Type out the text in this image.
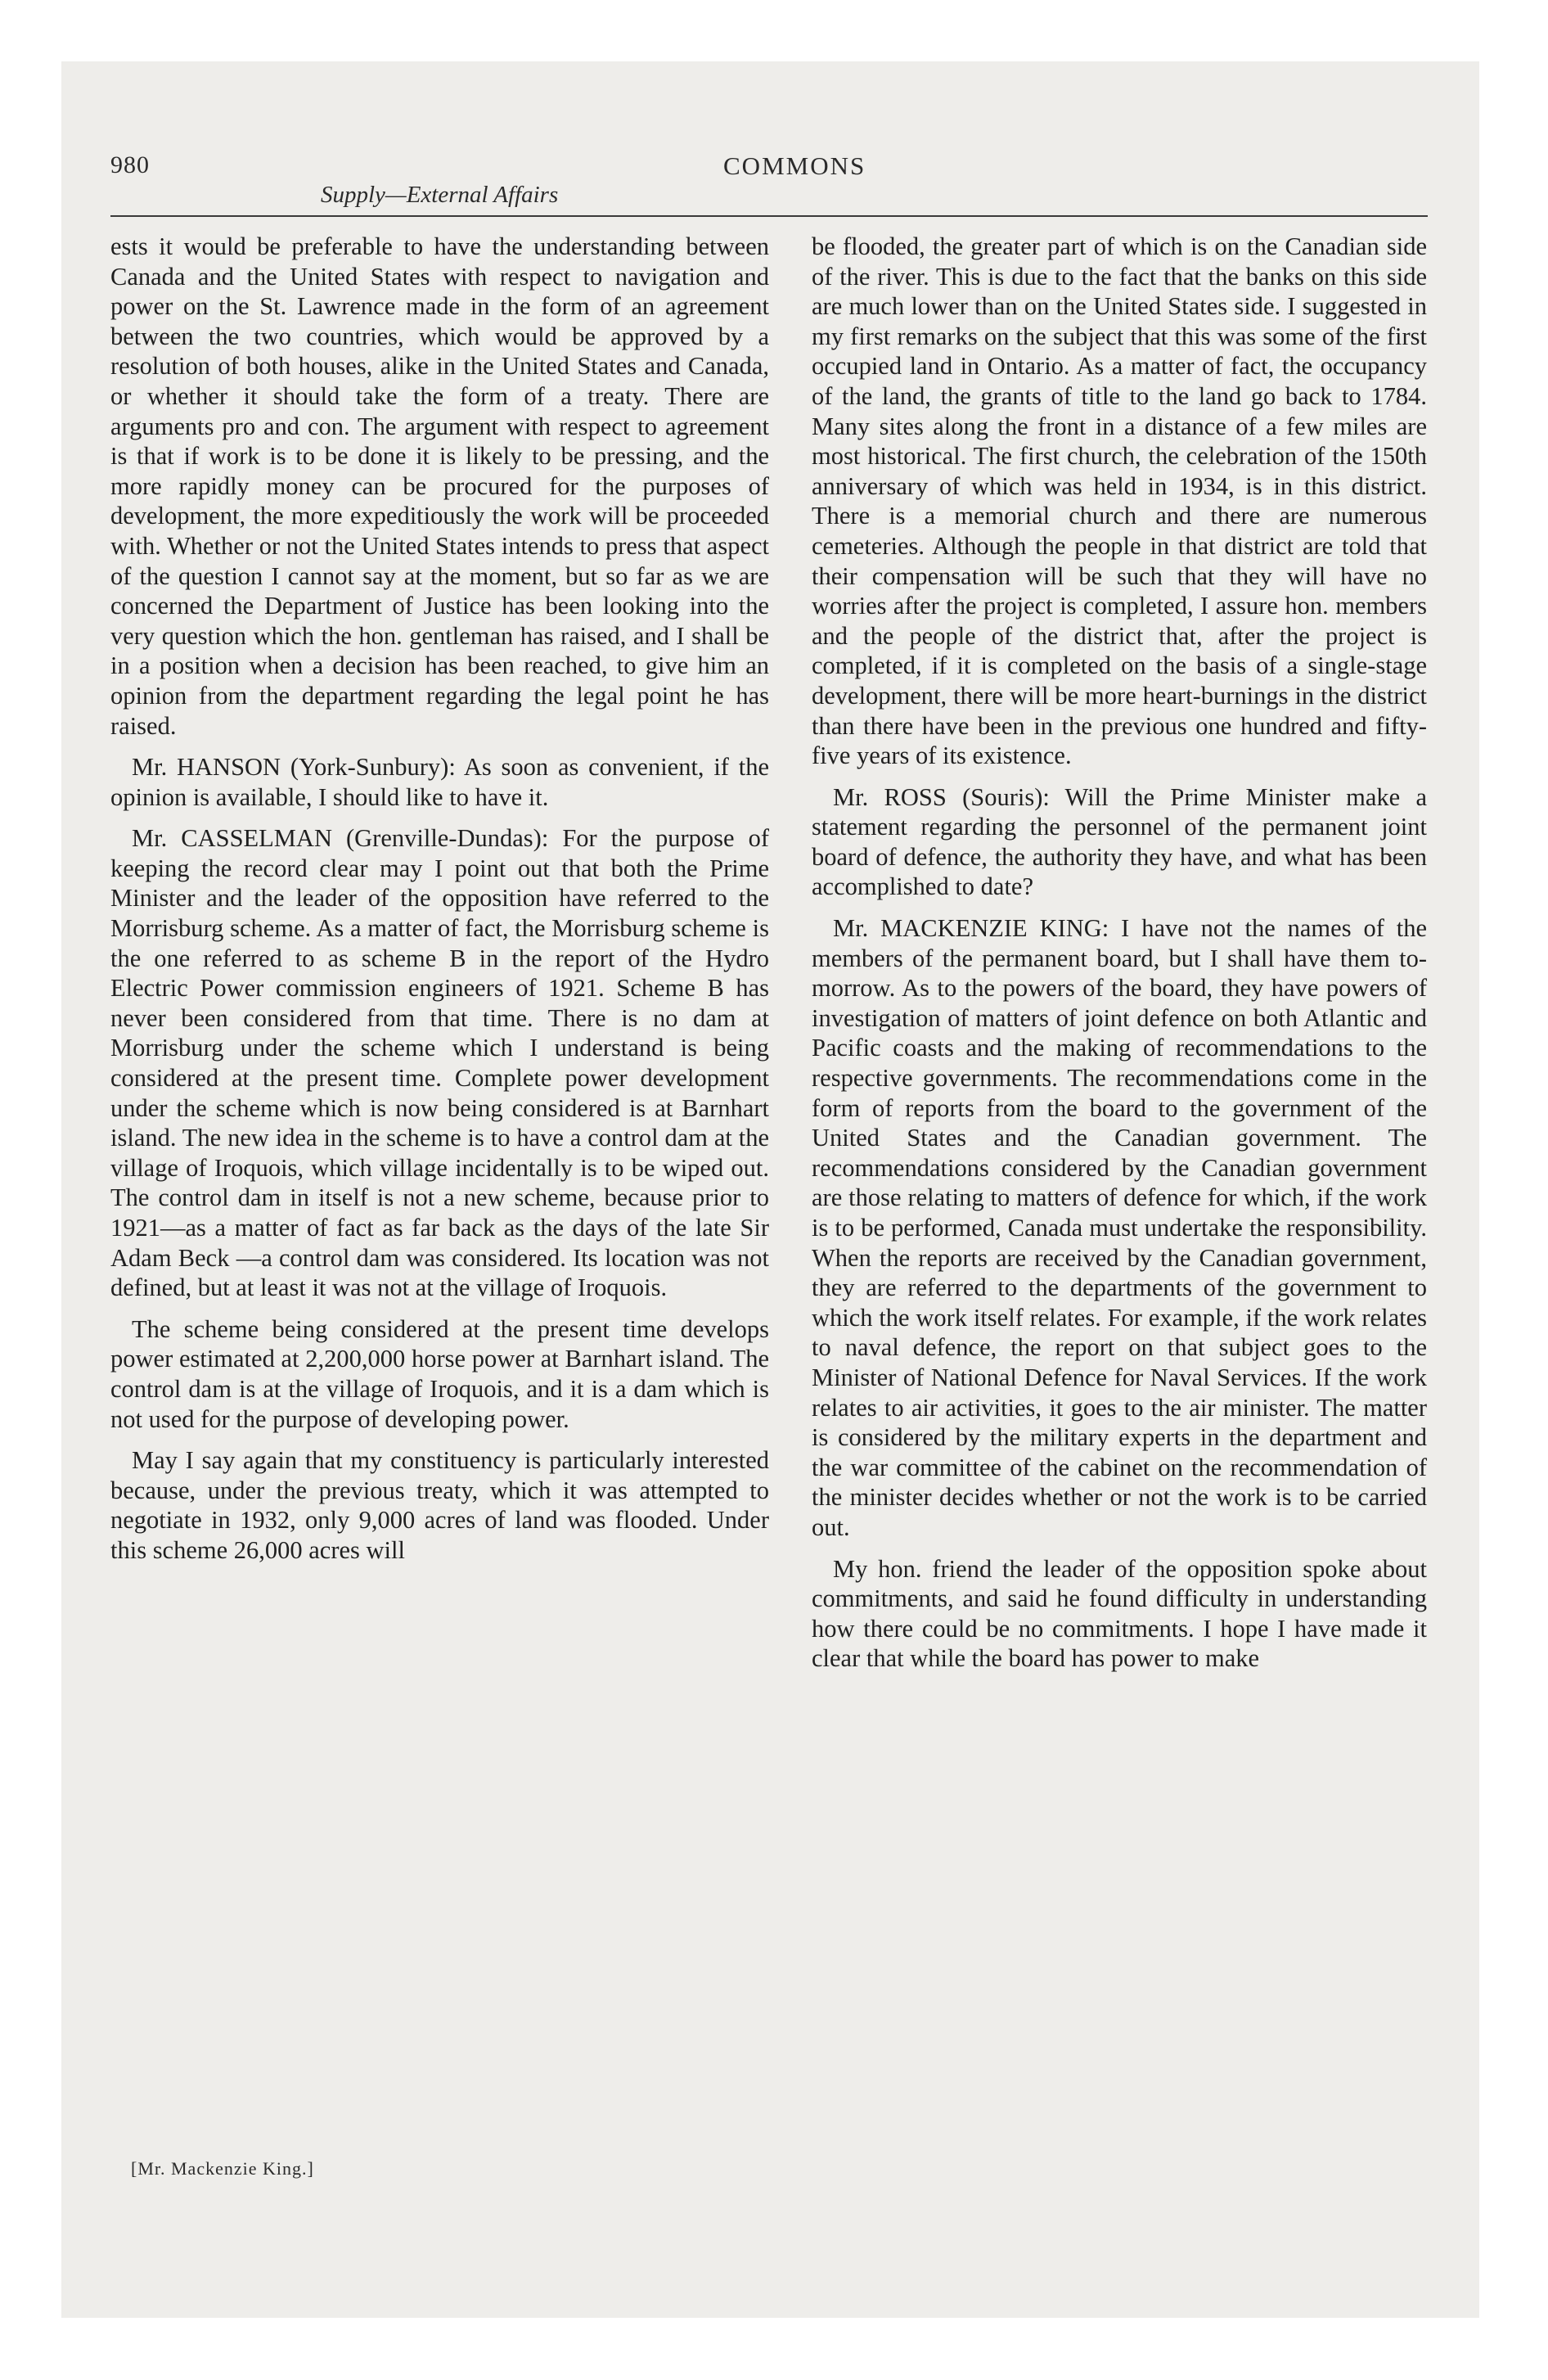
980	COMMONS
Supply—External Affairs

ests it would be preferable to have the understanding between Canada and the United States with respect to navigation and power on the St. Lawrence made in the form of an agreement between the two countries, which would be approved by a resolution of both houses, alike in the United States and Canada, or whether it should take the form of a treaty. There are arguments pro and con. The argument with respect to agreement is that if work is to be done it is likely to be pressing, and the more rapidly money can be procured for the purposes of development, the more expeditiously the work will be proceeded with. Whether or not the United States intends to press that aspect of the question I cannot say at the moment, but so far as we are concerned the Department of Justice has been looking into the very question which the hon. gentleman has raised, and I shall be in a position when a decision has been reached, to give him an opinion from the department regarding the legal point he has raised.

Mr. HANSON (York-Sunbury): As soon as convenient, if the opinion is available, I should like to have it.

Mr. CASSELMAN (Grenville-Dundas): For the purpose of keeping the record clear may I point out that both the Prime Minister and the leader of the opposition have referred to the Morrisburg scheme. As a matter of fact, the Morrisburg scheme is the one referred to as scheme B in the report of the Hydro Electric Power commission engineers of 1921. Scheme B has never been considered from that time. There is no dam at Morrisburg under the scheme which I understand is being considered at the present time. Complete power development under the scheme which is now being considered is at Barnhart island. The new idea in the scheme is to have a control dam at the village of Iroquois, which village incidentally is to be wiped out. The control dam in itself is not a new scheme, because prior to 1921—as a matter of fact as far back as the days of the late Sir Adam Beck —a control dam was considered. Its location was not defined, but at least it was not at the village of Iroquois.

The scheme being considered at the present time develops power estimated at 2,200,000 horse power at Barnhart island. The control dam is at the village of Iroquois, and it is a dam which is not used for the purpose of developing power.

May I say again that my constituency is particularly interested because, under the previous treaty, which it was attempted to negotiate in 1932, only 9,000 acres of land was flooded. Under this scheme 26,000 acres will

be flooded, the greater part of which is on the Canadian side of the river. This is due to the fact that the banks on this side are much lower than on the United States side. I suggested in my first remarks on the subject that this was some of the first occupied land in Ontario. As a matter of fact, the occupancy of the land, the grants of title to the land go back to 1784. Many sites along the front in a distance of a few miles are most historical. The first church, the celebration of the 150th anniversary of which was held in 1934, is in this district. There is a memorial church and there are numerous cemeteries. Although the people in that district are told that their compensation will be such that they will have no worries after the project is completed, I assure hon. members and the people of the district that, after the project is completed, if it is completed on the basis of a single-stage development, there will be more heart-burnings in the district than there have been in the previous one hundred and fifty-five years of its existence.

Mr. ROSS (Souris): Will the Prime Minister make a statement regarding the personnel of the permanent joint board of defence, the authority they have, and what has been accomplished to date?

Mr. MACKENZIE KING: I have not the names of the members of the permanent board, but I shall have them to-morrow. As to the powers of the board, they have powers of investigation of matters of joint defence on both Atlantic and Pacific coasts and the making of recommendations to the respective governments. The recommendations come in the form of reports from the board to the government of the United States and the Canadian government. The recommendations considered by the Canadian government are those relating to matters of defence for which, if the work is to be performed, Canada must undertake the responsibility. When the reports are received by the Canadian government, they are referred to the departments of the government to which the work itself relates. For example, if the work relates to naval defence, the report on that subject goes to the Minister of National Defence for Naval Services. If the work relates to air activities, it goes to the air minister. The matter is considered by the military experts in the department and the war committee of the cabinet on the recommendation of the minister decides whether or not the work is to be carried out.

My hon. friend the leader of the opposition spoke about commitments, and said he found difficulty in understanding how there could be no commitments. I hope I have made it clear that while the board has power to make

[Mr. Mackenzie King.]
